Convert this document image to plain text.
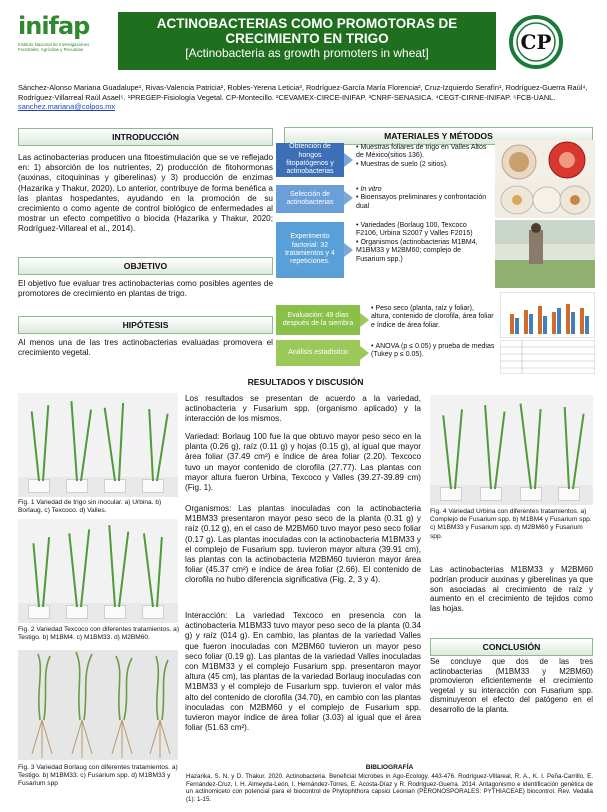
inifap
Instituto Nacional de Investigaciones Forestales, Agrícolas y Pecuarias
ACTINOBACTERIAS COMO PROMOTORAS DE
CRECIMIENTO EN TRIGO
[Actinobacteria as growth promoters in wheat]	CP
Sánchez-Alonso Mariana Guadalupe¹, Rivas-Valencia Patricia², Robles-Yerena Leticia³, Rodríguez-García María Florencia², Cruz-Izquierdo Serafín¹, Rodríguez-Guerra Raúl⁴, Rodríguez-Villarreal Raúl Asael⁵. ¹PREGEP-Fisiología Vegetal. CP-Montecillo. ²CEVAMEX-CIRCE-INIFAP. ³CNRF-SENASICA. ⁴CEGT-CIRNE-INIFAP. ⁵FCB-UANL. sanchez.mariana@colpos.mx
INTRODUCCIÓN
Las actinobacterias producen una fitoestimulación que se ve reflejado en: 1) absorción de los nutrientes, 2) producción de fitohormonas (auxinas, citoquininas y giberelinas) y 3) producción de enzimas (Hazarika y Thakur, 2020). Lo anterior, contribuye de forma benéfica a las plantas hospedantes, ayudando en la promoción de su crecimiento o como agente de control biológico de enfermedades al mostrar un efecto competitivo o biocida (Hazarika y Thakur, 2020; Rodríguez-Villareal et al., 2014).
OBJETIVO
El objetivo fue evaluar tres actinobacterias como posibles agentes de promotores de crecimiento en plantas de trigo.
HIPÓTESIS
Al menos una de las tres actinobacterias evaluadas promovera el crecimiento vegetal.
MATERIALES Y MÉTODOS
Obtención de hongos fitopatógenos y actinobacterias
• Muestras foliares de trigo en Valles Altos de México(sitios 136).
• Muestras de suelo (2 sitios).
Selección de actinobacterias
• In vitro
• Bioensayos preliminares y confrontación dual
Experimento factorial: 32 tratamientos y 4 repeticiones.
• Variedades (Borlaug 100, Texcoco F2106, Urbina S2007 y Valles F2015)
• Organismos (actinobacterias M1BM4, M1BM33 y M2BM60; complejo de Fusarium spp.)
Evaluación: 49 días después de la siembra
• Peso seco (planta, raíz y foliar), altura, contenido de clorofila, área foliar e índice de área foliar.
Análisis estadístico
• ANOVA (p ≤ 0.05) y prueba de medias (Tukey p ≤ 0.05).
RESULTADOS Y DISCUSIÓN
Fig. 1 Variedad de trigo sin inocular. a) Urbina. b) Borlaug. c) Texcoco. d) Valles.
Fig. 2 Variedad Texcoco con diferentes tratamientos. a) Testigo. b) M1BM4. c) M1BM33. d) M2BM60.
Fig. 3 Variedad Borlaug con diferentes tratamientos. a) Testigo. b) M1BM33. c) Fusarium spp. d) M1BM33 y Fusarium spp
Los resultados se presentan de acuerdo a la variedad, actinobacteria y Fusarium spp. (organismo aplicado) y la interacción de los mismos.
Variedad: Borlaug 100 fue la que obtuvo mayor peso seco en la planta (0.26 g), raíz (0.11 g) y hojas (0.15 g), al igual que mayor área foliar (37.49 cm²) e índice de área foliar (2.20). Texcoco tuvo un mayor contenido de clorofila (27.77). Las plantas con mayor altura fueron Urbina, Texcoco y Valles (39.27-39.89 cm) (Fig. 1).
Organismos: Las plantas inoculadas con la actinobacteria M1BM33 presentaron mayor peso seco de la planta (0.31 g) y raíz (0.12 g), en el caso de M2BM60 tuvo mayor peso seco foliar (0.17 g). Las plantas inoculadas con la actinobacteria M1BM33 y el complejo de Fusarium spp. tuvieron mayor altura (39.91 cm), las plantas con la actinobacteria M2BM60 tuvieron mayor área foliar (45.37 cm²) e índice de área foliar (2.66). El contenido de clorofila no hubo diferencia significativa (Fig. 2, 3 y 4).
Interacción: La variedad Texcoco en presencia con la actinobacteria M1BM33 tuvo mayor peso seco de la planta (0.34 g) y raíz (014 g). En cambio, las plantas de la variedad Valles que fueron inoculadas con M2BM60 tuvieron un mayor peso seco foliar (0.19 g). Las plantas de la variedad Valles inoculadas con M1BM33 y el complejo Fusarium spp. presentaron mayor altura (45 cm), las plantas de la variedad Borlaug inoculadas con M1BM33 y el complejo de Fusarium spp. tuvieron el valor más alto del contenido de clorofila (34.70), en cambio con las plantas inoculadas con M2BM60 y el complejo de Fusarium spp. tuvieron mayor índice de área foliar (3.03) al igual que el área foliar (51.63 cm²).
Fig. 4 Variedad Urbina con diferentes tratamientos. a) Complejo de Fusarium spp. b) M1BM4 y Fusarium spp. c) M1BM33 y Fusarium spp. d) M2BM60 y Fusarium spp.
Las actinobacterias M1BM33 y M2BM60 podrían producir auxinas y giberelinas ya que son asociadas al crecimiento de raíz y aumento en el crecimiento de tejidos como las hojas.
CONCLUSIÓN
Se concluye que dos de las tres actinobacterias (M1BM33 y M2BM60) promovieron eficientemente el crecimiento vegetal y su interacción con Fusarium spp. disminuyeron el efecto del patógeno en el desarrollo de la planta.
BIBLIOGRAFÍA
Hazarika, S. N. y D. Thakur. 2020. Actinobacteria. Beneficial Microbes in Ago-Ecology. 443-476. Rodríguez-Villareal, R. A., K. I. Peña-Carrillo, E. Fernández-Cruz, I. H. Almeyda-León, I. Hernández-Torres, E. Acosta-Díaz y R. Rodríguez-Guerra. 2014. Antagonismo e identificación genética de un actinomiceto con potencial para el biocontrol de Phytophthora capsici Leonian (PERONOSPORALES: PYTHIACEAE) biocontrol. Rev. Vedalia (1): 1-15.
